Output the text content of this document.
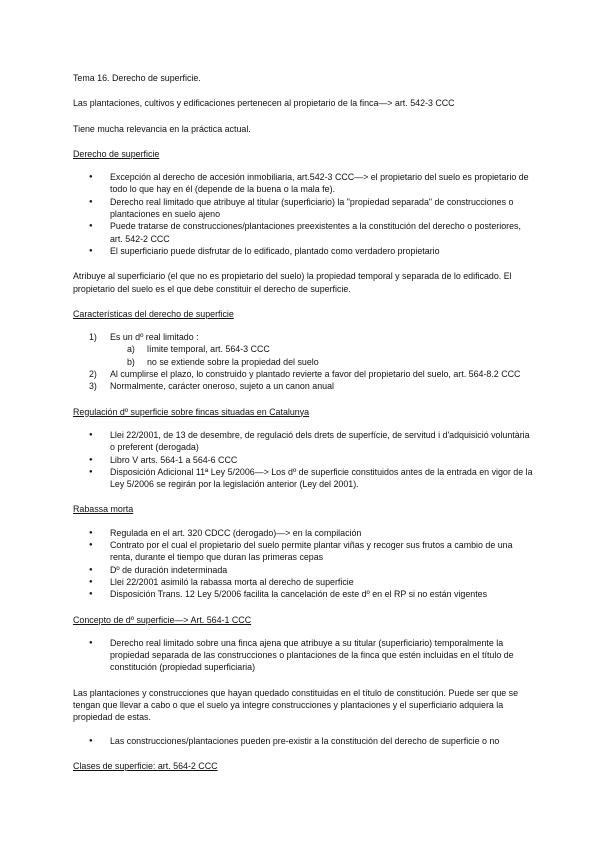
Tema 16. Derecho de superficie.

Las plantaciones, cultivos y edificaciones pertenecen al propietario de la finca—> art. 542-3 CCC

Tiene mucha relevancia en la práctica actual.

Derecho de superficie

● Excepción al derecho de accesión inmobiliaria, art.542-3 CCC—> el propietario del suelo es propietario de todo lo que hay en él (depende de la buena o la mala fe).
● Derecho real limitado que atribuye al titular (superficiario) la "propiedad separada" de construcciones o plantaciones en suelo ajeno
● Puede tratarse de construcciones/plantaciones preexistentes a la constitución del derecho o posteriores, art. 542-2 CCC
● El superficiario puede disfrutar de lo edificado, plantado como verdadero propietario

Atribuye al superficiario (el que no es propietario del suelo) la propiedad temporal y separada de lo edificado. El propietario del suelo es el que debe constituir el derecho de superficie.

Características del derecho de superficie

1) Es un dº real limitado :
a) límite temporal, art. 564-3 CCC
b) no se extiende sobre la propiedad del suelo
2) Al cumplirse el plazo, lo construido y plantado revierte a favor del propietario del suelo, art. 564-8.2 CCC
3) Normalmente, carácter oneroso, sujeto a un canon anual

Regulación dº superficie sobre fincas situadas en Catalunya

● Llei 22/2001, de 13 de desembre, de regulació dels drets de superfície, de servitud i d'adquisició voluntària o preferent (derogada)
● Libro V arts. 564-1 a 564-6 CCC
● Disposición Adicional 11ª Ley 5/2006—> Los dº de superficie constituidos antes de la entrada en vigor de la Ley 5/2006 se regirán por la legislación anterior (Ley del 2001).

Rabassa morta

● Regulada en el art. 320 CDCC (derogado)—> en la compilación
● Contrato por el cual el propietario del suelo permite plantar viñas y recoger sus frutos a cambio de una renta, durante el tiempo que duran las primeras cepas
● Dº de duración indeterminada
● Llei 22/2001 asimiló la rabassa morta al derecho de superficie
● Disposición Trans. 12 Ley 5/2006 facilita la cancelación de este dº en el RP si no están vigentes

Concepto de dº superficie—> Art. 564-1 CCC

● Derecho real limitado sobre una finca ajena que atribuye a su titular (superficiario) temporalmente la propiedad separada de las construcciones o plantaciones de la finca que estén incluidas en el título de constitución (propiedad superficiaria)

Las plantaciones y construcciones que hayan quedado constituidas en el título de constitución. Puede ser que se tengan que llevar a cabo o que el suelo ya integre construcciones y plantaciones y el superficiario adquiera la propiedad de estas.

● Las construcciones/plantaciones pueden pre-existir a la constitución del derecho de superficie o no

Clases de superficie: art. 564-2 CCC
